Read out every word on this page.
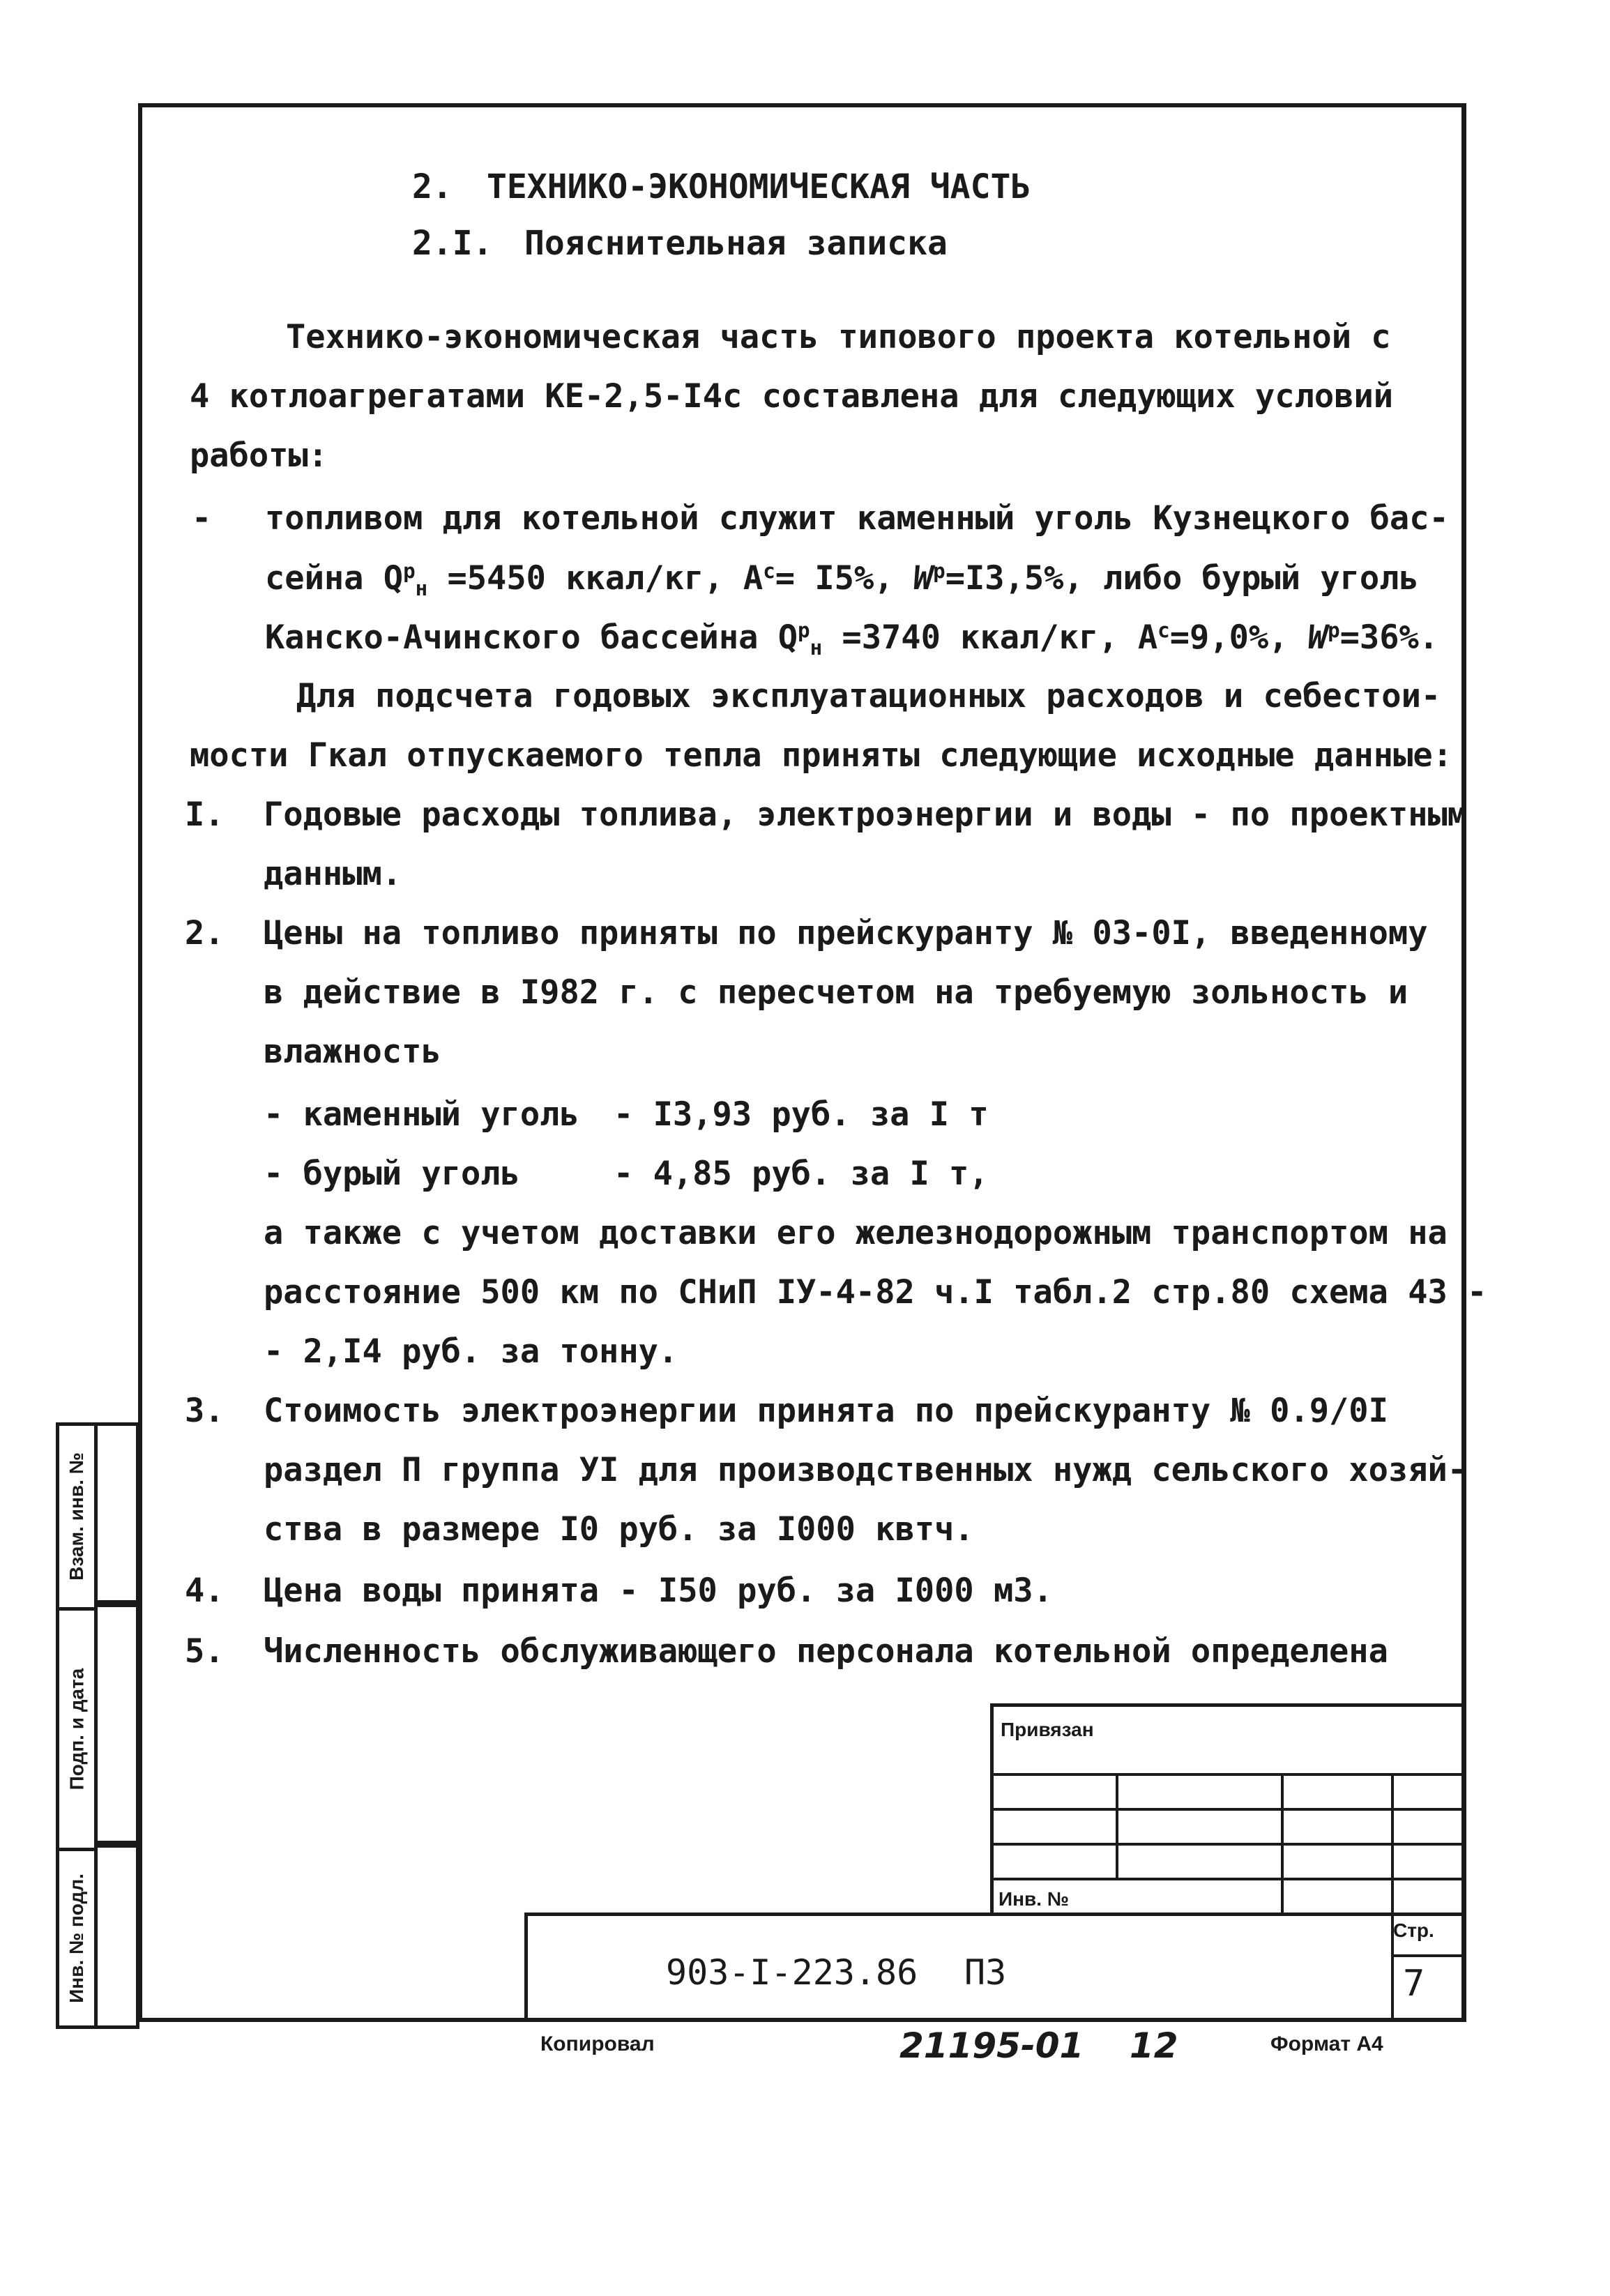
2. ТЕХНИКО-ЭКОНОМИЧЕСКАЯ ЧАСТЬ
2.I. Пояснительная записка
Технико-экономическая часть типового проекта котельной с
4 котлоагрегатами КЕ-2,5-I4с составлена для следующих условий
работы:
- топливом для котельной служит каменный уголь Кузнецкого бас-
сейна $Q^р_н =5450$ ккал/кг, $А^с= I5\%$, $W^р=I3,5\%$, либо бурый уголь
Канско-Ачинского бассейна $Q^р_н =3740$ ккал/кг, $А^с=9,0\%$, $W^р=36\%$.
Для подсчета годовых эксплуатационных расходов и себестои-
мости Гкал отпускаемого тепла приняты следующие исходные данные:
I. Годовые расходы топлива, электроэнергии и воды - по проектным
данным.
2. Цены на топливо приняты по прейскуранту № 03-0I, введенному
в действие в I982 г. с пересчетом на требуемую зольность и
влажность
- каменный уголь - I3,93 руб. за I т
- бурый уголь	- 4,85 руб. за I т,
а также с учетом доставки его железнодорожным транспортом на
расстояние 500 км по СНиП IУ-4-82 ч.I табл.2 стр.80 схема 43 -
- 2,I4 руб. за тонну.
3. Стоимость электроэнергии принята по прейскуранту № 0.9/0I
раздел П группа УI для производственных нужд сельского хозяй-
ства в размере I0 руб. за I000 квтч.
4. Цена воды принята - I50 руб. за I000 м3.
5. Численность обслуживающего персонала котельной определена
Взам. инв. №
Подп. и дата
Инв. № подл.
Привязан
Инв. №
Стр.
7
903-I-223.86 ПЗ
Копировал	21195-01 12	Формат А4
